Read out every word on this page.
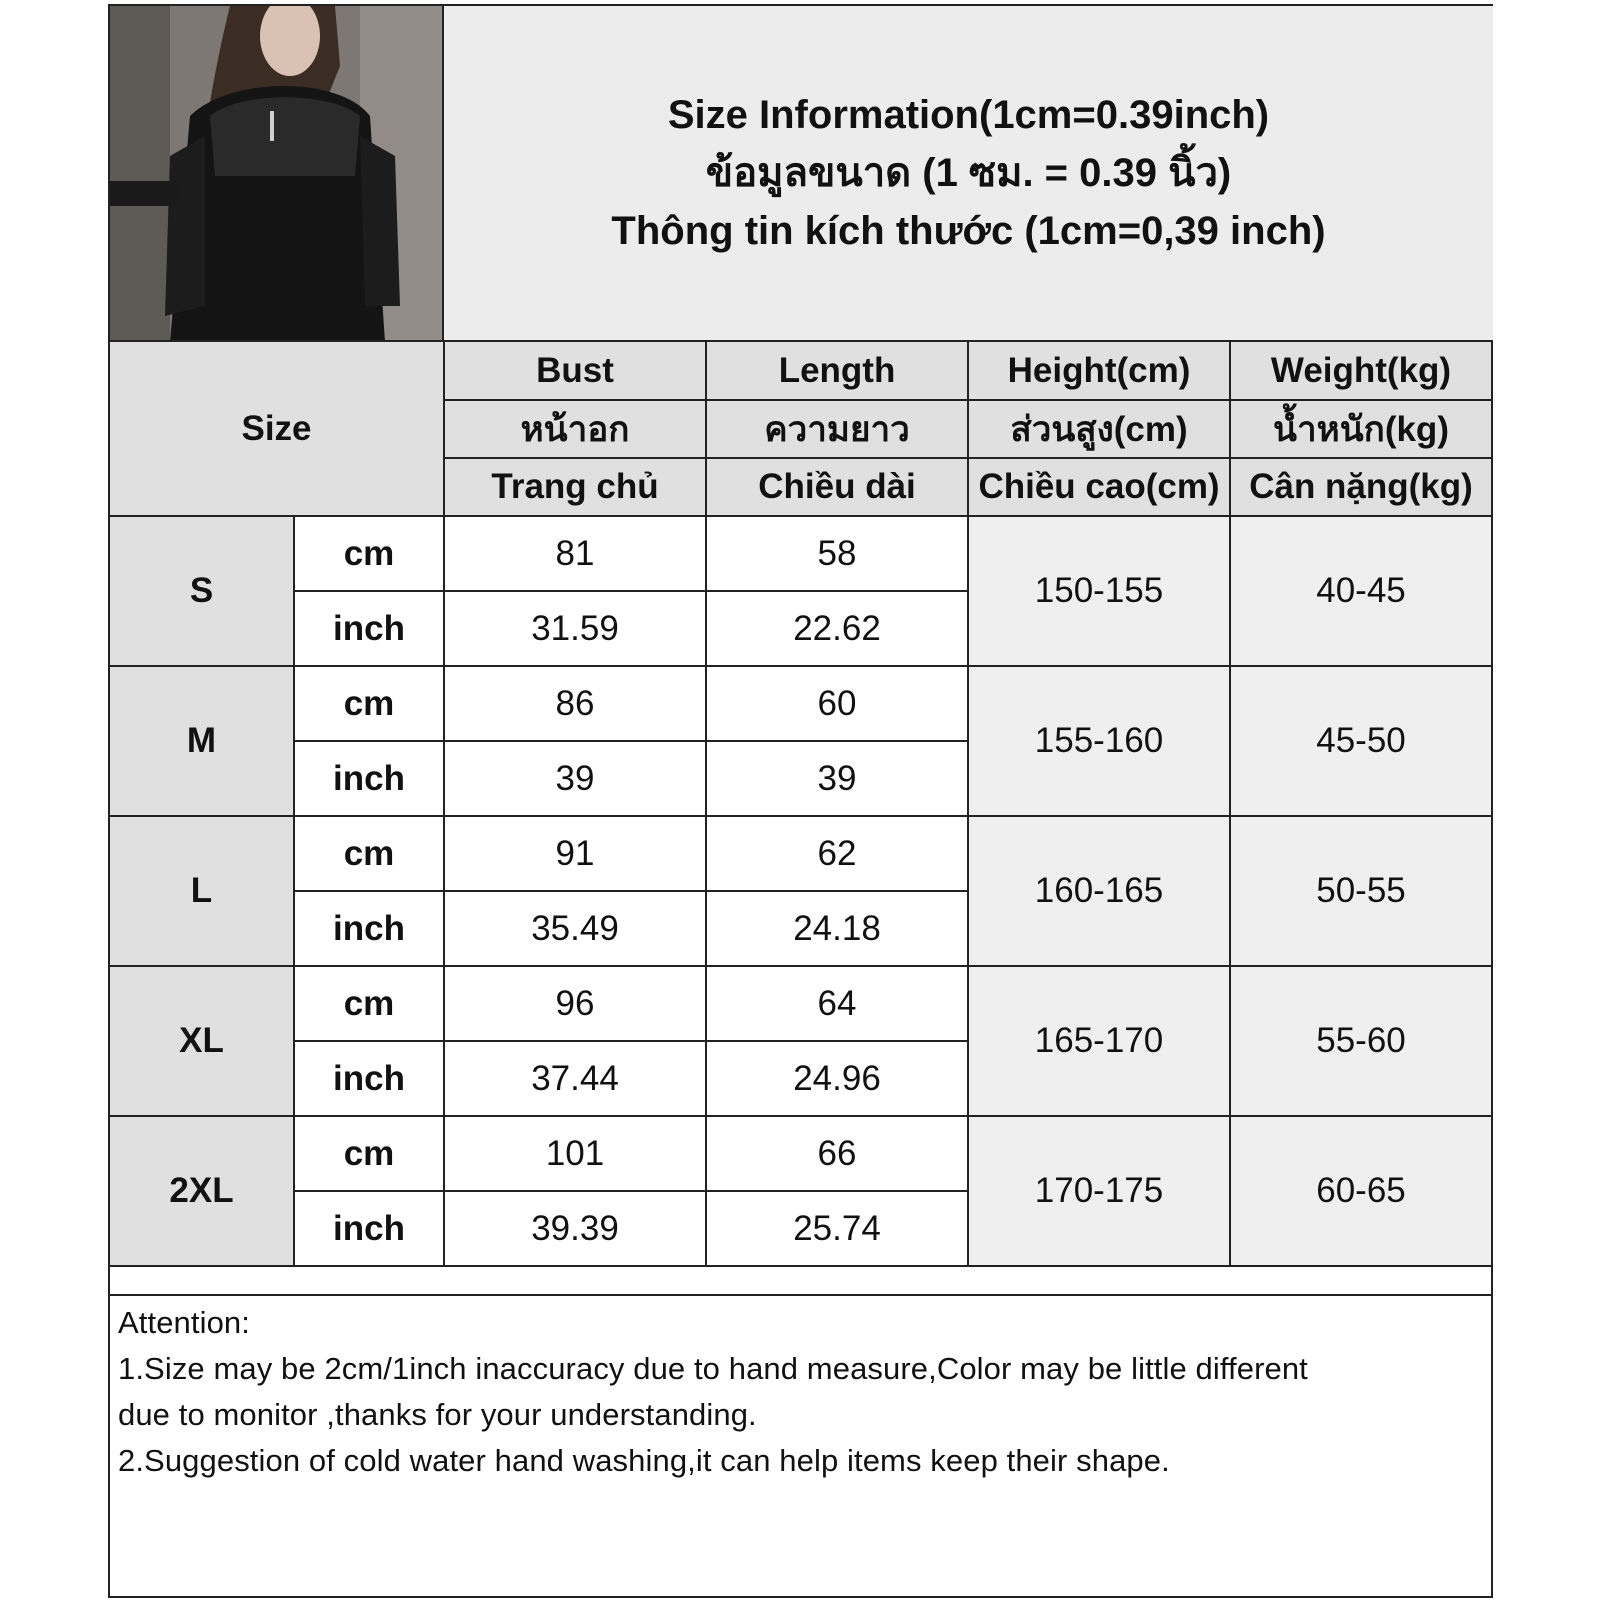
Size Information(1cm=0.39inch)
ข้อมูลขนาด (1 ซม. = 0.39 นิ้ว)
Thông tin kích thước (1cm=0,39 inch)
Size		Bust	Length	Height(cm)	Weight(kg)
		หน้าอก	ความยาว	ส่วนสูง(cm)	น้ำหนัก(kg)
		Trang chủ	Chiều dài	Chiều cao(cm)	Cân nặng(kg)
S	cm	81	58	150-155	40-45
	inch	31.59	22.62		
M	cm	86	60	155-160	45-50
	inch	39	39		
L	cm	91	62	160-165	50-55
	inch	35.49	24.18		
XL	cm	96	64	165-170	55-60
	inch	37.44	24.96		
2XL	cm	101	66	170-175	60-65
	inch	39.39	25.74		
Attention:
1.Size may be 2cm/1inch inaccuracy due to hand measure,Color may be little different
due to monitor ,thanks for your understanding.
2.Suggestion of cold water hand washing,it can help items keep their shape.
